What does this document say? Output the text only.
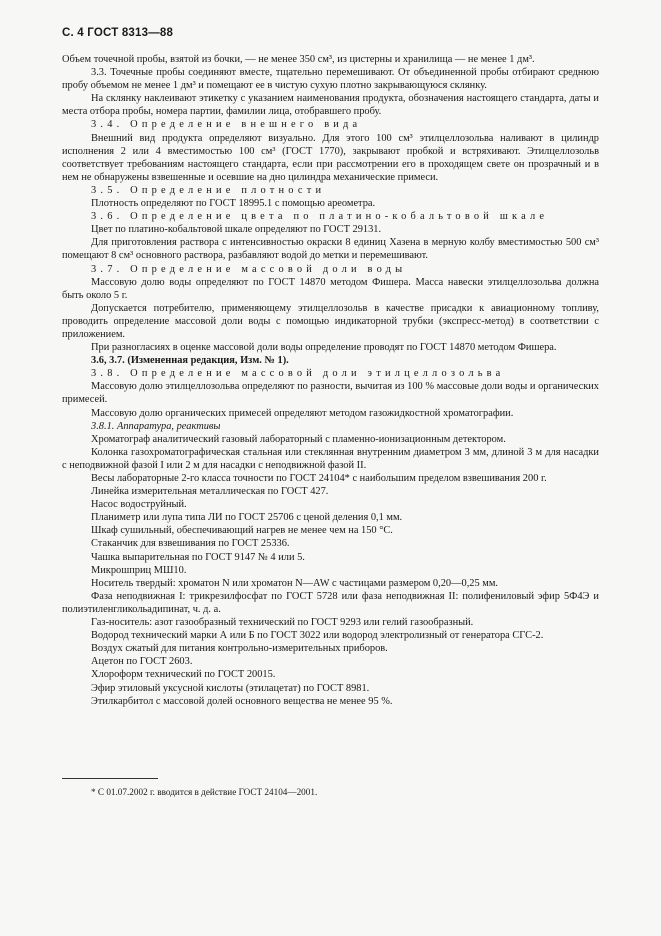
С. 4 ГОСТ 8313—88

Объем точечной пробы, взятой из бочки, — не менее 350 см³, из цистерны и хранилища — не менее 1 дм³.

3.3. Точечные пробы соединяют вместе, тщательно перемешивают. От объединенной пробы отбирают среднюю пробу объемом не менее 1 дм³ и помещают ее в чистую сухую плотно закрывающуюся склянку.

На склянку наклеивают этикетку с указанием наименования продукта, обозначения настоящего стандарта, даты и места отбора пробы, номера партии, фамилии лица, отобравшего пробу.

3.4. Определение внешнего вида

Внешний вид продукта определяют визуально. Для этого 100 см³ этилцеллозольва наливают в цилиндр исполнения 2 или 4 вместимостью 100 см³ (ГОСТ 1770), закрывают пробкой и встряхивают. Этилцеллозольв соответствует требованиям настоящего стандарта, если при рассмотрении его в проходящем свете он прозрачный и в нем не обнаружены взвешенные и осевшие на дно цилиндра механические примеси.

3.5. Определение плотности

Плотность определяют по ГОСТ 18995.1 с помощью ареометра.

3.6. Определение цвета по платино-кобальтовой шкале

Цвет по платино-кобальтовой шкале определяют по ГОСТ 29131.

Для приготовления раствора с интенсивностью окраски 8 единиц Хазена в мерную колбу вместимостью 500 см³ помещают 8 см³ основного раствора, разбавляют водой до метки и перемешивают.

3.7. Определение массовой доли воды

Массовую долю воды определяют по ГОСТ 14870 методом Фишера. Масса навески этилцеллозольва должна быть около 5 г.

Допускается потребителю, применяющему этилцеллозольв в качестве присадки к авиационному топливу, проводить определение массовой доли воды с помощью индикаторной трубки (экспресс-метод) в соответствии с приложением.

При разногласиях в оценке массовой доли воды определение проводят по ГОСТ 14870 методом Фишера.

3.6, 3.7. (Измененная редакция, Изм. № 1).

3.8. Определение массовой доли этилцеллозольва

Массовую долю этилцеллозольва определяют по разности, вычитая из 100 % массовые доли воды и органических примесей.

Массовую долю органических примесей определяют методом газожидкостной хроматографии.

3.8.1. Аппаратура, реактивы

Хроматограф аналитический газовый лабораторный с пламенно-ионизационным детектором.

Колонка газохроматографическая стальная или стеклянная внутренним диаметром 3 мм, длиной 3 м для насадки с неподвижной фазой I или 2 м для насадки с неподвижной фазой II.

Весы лабораторные 2-го класса точности по ГОСТ 24104* с наибольшим пределом взвешивания 200 г.

Линейка измерительная металлическая по ГОСТ 427.

Насос водоструйный.

Планиметр или лупа типа ЛИ по ГОСТ 25706 с ценой деления 0,1 мм.

Шкаф сушильный, обеспечивающий нагрев не менее чем на 150 °С.

Стаканчик для взвешивания по ГОСТ 25336.

Чашка выпарительная по ГОСТ 9147 № 4 или 5.

Микрошприц МШ10.

Носитель твердый: хроматон N или хроматон N—AW с частицами размером 0,20—0,25 мм.

Фаза неподвижная I: трикрезилфосфат по ГОСТ 5728 или фаза неподвижная II: полифениловый эфир 5Ф4Э и полиэтиленгликольадипинат, ч. д. а.

Газ-носитель: азот газообразный технический по ГОСТ 9293 или гелий газообразный.

Водород технический марки А или Б по ГОСТ 3022 или водород электролизный от генератора СГС-2.

Воздух сжатый для питания контрольно-измерительных приборов.

Ацетон по ГОСТ 2603.

Хлороформ технический по ГОСТ 20015.

Эфир этиловый уксусной кислоты (этилацетат) по ГОСТ 8981.

Этилкарбитол с массовой долей основного вещества не менее 95 %.

* С 01.07.2002 г. вводится в действие ГОСТ 24104—2001.
